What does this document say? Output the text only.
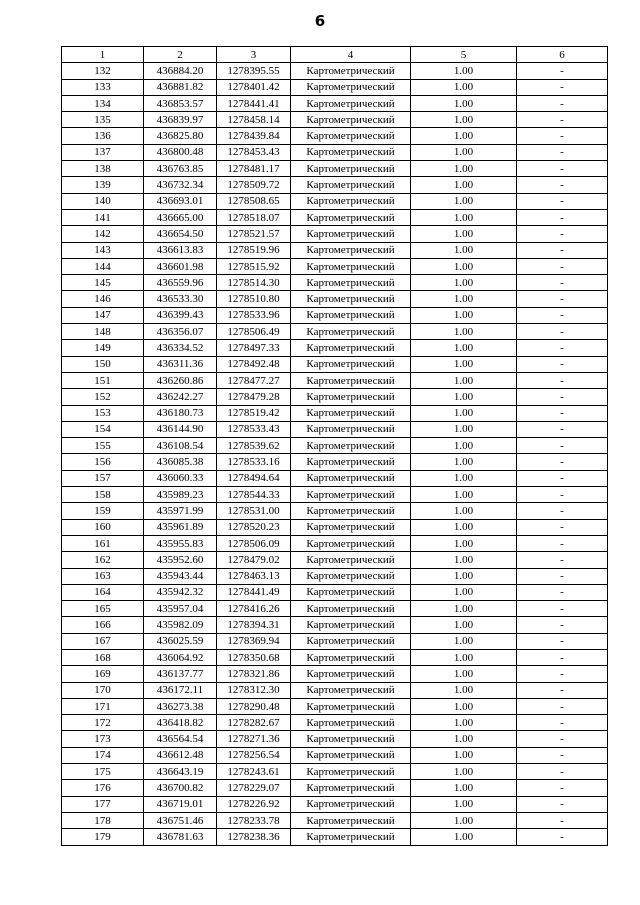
6
1	2	3	4	5	6
132	436884.20	1278395.55	Картометрический	1.00	-
133	436881.82	1278401.42	Картометрический	1.00	-
134	436853.57	1278441.41	Картометрический	1.00	-
135	436839.97	1278458.14	Картометрический	1.00	-
136	436825.80	1278439.84	Картометрический	1.00	-
137	436800.48	1278453.43	Картометрический	1.00	-
138	436763.85	1278481.17	Картометрический	1.00	-
139	436732.34	1278509.72	Картометрический	1.00	-
140	436693.01	1278508.65	Картометрический	1.00	-
141	436665.00	1278518.07	Картометрический	1.00	-
142	436654.50	1278521.57	Картометрический	1.00	-
143	436613.83	1278519.96	Картометрический	1.00	-
144	436601.98	1278515.92	Картометрический	1.00	-
145	436559.96	1278514.30	Картометрический	1.00	-
146	436533.30	1278510.80	Картометрический	1.00	-
147	436399.43	1278533.96	Картометрический	1.00	-
148	436356.07	1278506.49	Картометрический	1.00	-
149	436334.52	1278497.33	Картометрический	1.00	-
150	436311.36	1278492.48	Картометрический	1.00	-
151	436260.86	1278477.27	Картометрический	1.00	-
152	436242.27	1278479.28	Картометрический	1.00	-
153	436180.73	1278519.42	Картометрический	1.00	-
154	436144.90	1278533.43	Картометрический	1.00	-
155	436108.54	1278539.62	Картометрический	1.00	-
156	436085.38	1278533.16	Картометрический	1.00	-
157	436060.33	1278494.64	Картометрический	1.00	-
158	435989.23	1278544.33	Картометрический	1.00	-
159	435971.99	1278531.00	Картометрический	1.00	-
160	435961.89	1278520.23	Картометрический	1.00	-
161	435955.83	1278506.09	Картометрический	1.00	-
162	435952.60	1278479.02	Картометрический	1.00	-
163	435943.44	1278463.13	Картометрический	1.00	-
164	435942.32	1278441.49	Картометрический	1.00	-
165	435957.04	1278416.26	Картометрический	1.00	-
166	435982.09	1278394.31	Картометрический	1.00	-
167	436025.59	1278369.94	Картометрический	1.00	-
168	436064.92	1278350.68	Картометрический	1.00	-
169	436137.77	1278321.86	Картометрический	1.00	-
170	436172.11	1278312.30	Картометрический	1.00	-
171	436273.38	1278290.48	Картометрический	1.00	-
172	436418.82	1278282.67	Картометрический	1.00	-
173	436564.54	1278271.36	Картометрический	1.00	-
174	436612.48	1278256.54	Картометрический	1.00	-
175	436643.19	1278243.61	Картометрический	1.00	-
176	436700.82	1278229.07	Картометрический	1.00	-
177	436719.01	1278226.92	Картометрический	1.00	-
178	436751.46	1278233.78	Картометрический	1.00	-
179	436781.63	1278238.36	Картометрический	1.00	-
